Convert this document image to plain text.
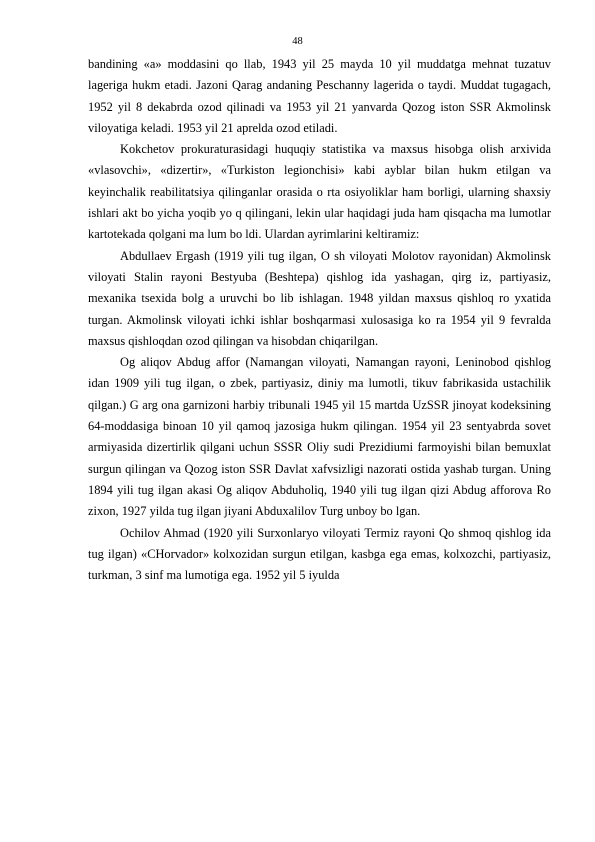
48

bandining «a» moddasini qo llab, 1943 yil 25 mayda 10 yil muddatga mehnat tuzatuv lageriga hukm etadi. Jazoni Qarag andaning Peschanny lagerida o taydi. Muddat tugagach, 1952 yil 8 dekabrda ozod qilinadi va 1953 yil 21 yanvarda Qozog iston SSR Akmolinsk viloyatiga keladi. 1953 yil 21 aprelda ozod etiladi.

Kokchetov prokuraturasidagi huquqiy statistika va maxsus hisobga olish arxivida «vlasovchi», «dizertir», «Turkiston legionchisi» kabi ayblar bilan hukm etilgan va keyinchalik reabilitatsiya qilinganlar orasida o rta osiyoliklar ham borligi, ularning shaxsiy ishlari akt bo yicha yoqib yo q qilingani, lekin ular haqidagi juda ham qisqacha ma lumotlar kartotekada qolgani ma lum bo ldi. Ulardan ayrimlarini keltiramiz:

Abdullaev Ergash (1919 yili tug ilgan, O sh viloyati Molotov rayonidan) Akmolinsk viloyati Stalin rayoni Bestyuba (Beshtepa) qishlog ida yashagan, qirg iz, partiyasiz, mexanika tsexida bolg a uruvchi bo lib ishlagan. 1948 yildan maxsus qishloq ro yxatida turgan. Akmolinsk viloyati ichki ishlar boshqarmasi xulosasiga ko ra 1954 yil 9 fevralda maxsus qishloqdan ozod qilingan va hisobdan chiqarilgan.

Og aliqov Abdug affor (Namangan viloyati, Namangan rayoni, Leninobod qishlog idan 1909 yili tug ilgan, o zbek, partiyasiz, diniy ma lumotli, tikuv fabrikasida ustachilik qilgan.) G arg ona garnizoni harbiy tribunali 1945 yil 15 martda UzSSR jinoyat kodeksining 64-moddasiga binoan 10 yil qamoq jazosiga hukm qilingan. 1954 yil 23 sentyabrda sovet armiyasida dizertirlik qilgani uchun SSSR Oliy sudi Prezidiumi farmoyishi bilan bemuxlat surgun qilingan va Qozog iston SSR Davlat xafvsizligi nazorati ostida yashab turgan. Uning 1894 yili tug ilgan akasi Og aliqov Abduholiq, 1940 yili tug ilgan qizi Abdug afforova Ro zixon, 1927 yilda tug ilgan jiyani Abduxalilov Turg unboy bo lgan.

Ochilov Ahmad (1920 yili Surxonlaryo viloyati Termiz rayoni Qo shmoq qishlog ida tug ilgan) «CHorvador» kolxozidan surgun etilgan, kasbga ega emas, kolxozchi, partiyasiz, turkman, 3 sinf ma lumotiga ega. 1952 yil 5 iyulda
